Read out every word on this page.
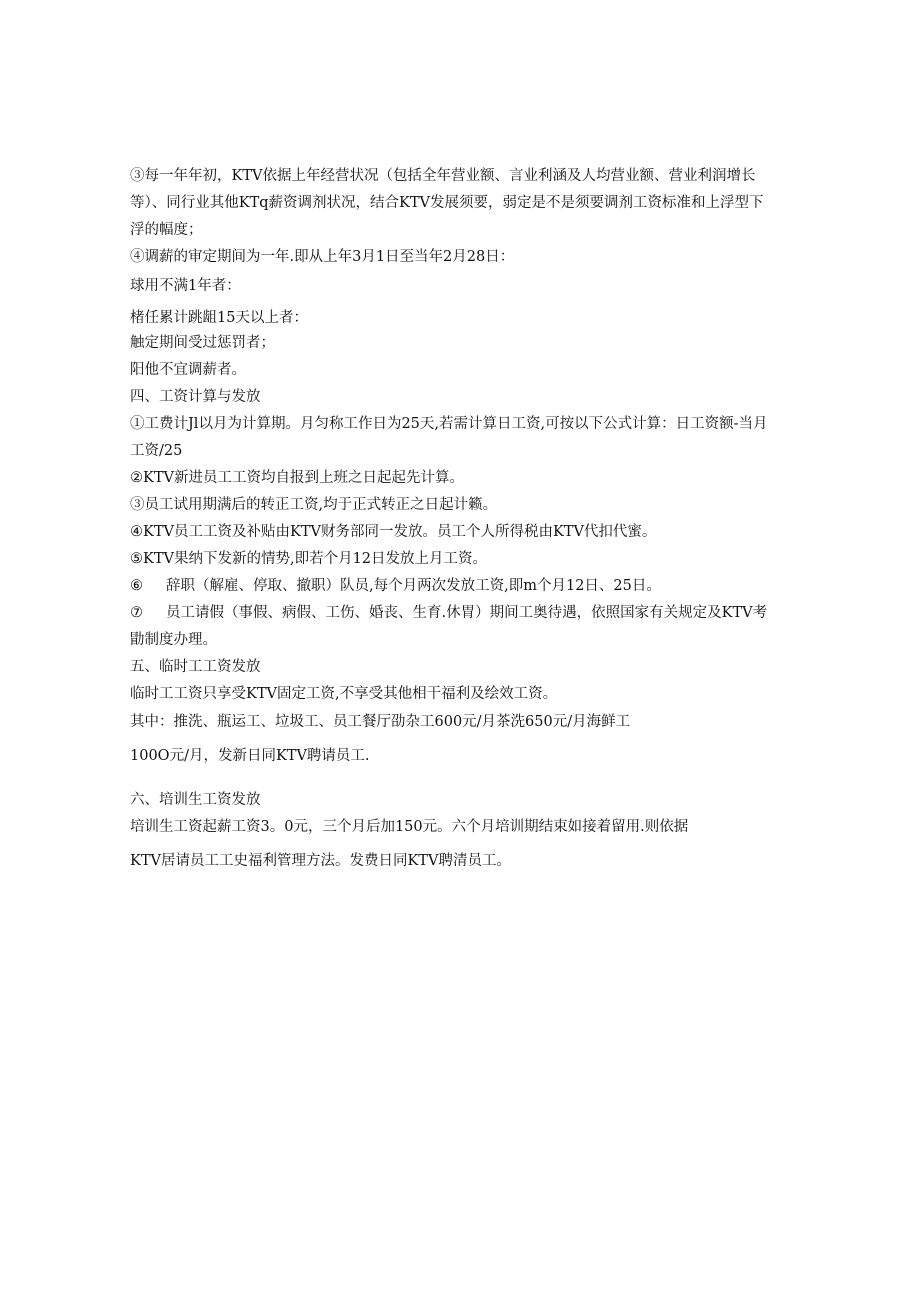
③每一年年初，KTV依据上年经营状况（包括全年营业额、言业利涵及人均营业额、营业利润增长
等）、同行业其他KTq薪资调剂状况，结合KTV发展须要，弱定是不是须要调剂工资标准和上浮型下
浮的幅度；
④调薪的审定期间为一年.即从上年3月1日至当年2月28日：
球用不满1年者：
楮任累计跳龃15天以上者：
触定期间受过惩罚者；
阳他不宜调薪者。
四、工资计算与发放
①工费计Jl以月为计算期。月匀称工作日为25天,若需计算日工资,可按以下公式计算：日工资额-当月
工资/25
②KTV新进员工工资均自报到上班之日起起先计算。
③员工试用期满后的转正工资,均于正式转正之日起计籁。
④KTV员工工资及补贴由KTV财务部同一发放。员工个人所得税由KTV代扣代蜜。
⑤KTV果纳下发新的情势,即若个月12日发放上月工资。
⑥ 辞职（解雇、停取、撤职）队员,每个月两次发放工资,即m个月12日、25日。
⑦ 员工请假（事假、病假、工伤、婚丧、生育.休胃）期间工奥待遇，依照国家有关规定及KTV考
勖制度办理。
五、临时工工资发放
临时工工资只享受KTV固定工资,不享受其他相干福利及绘效工资。
其中：推洗、瓶运工、垃圾工、员工餐厅劭杂工600元/月茶洗650元/月海鲜工
100O元/月，发新日同KTV聘请员工.
六、培训生工资发放
培训生工资起薪工资3。0元，三个月后加150元。六个月培训期结束如接着留用.则依据
KTV居请员工工史福利管理方法。发费日同KTV聘清员工。
